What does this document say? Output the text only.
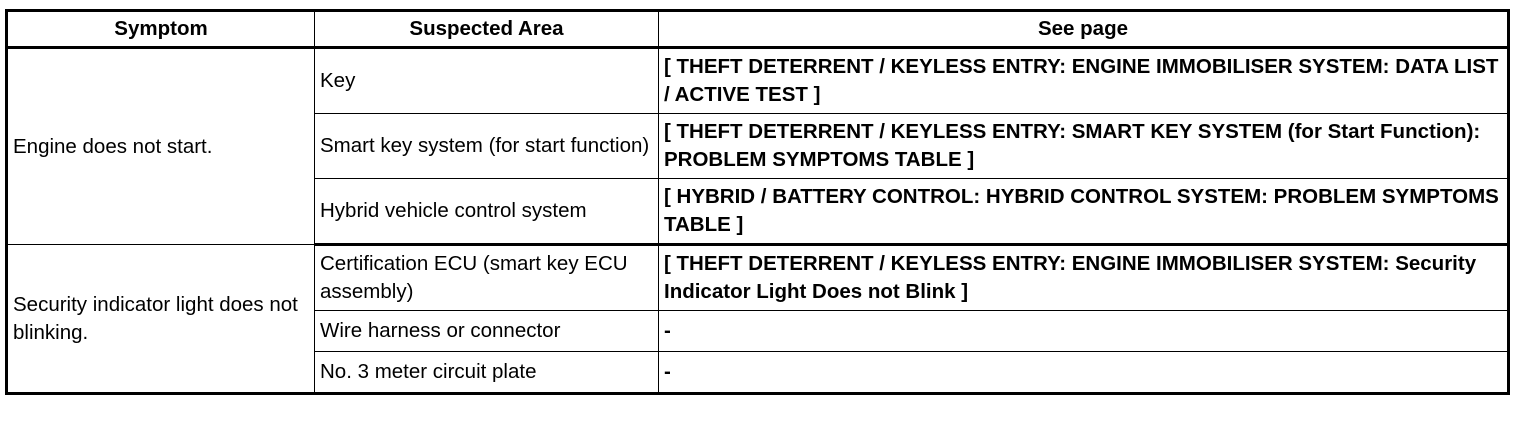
Symptom	Suspected Area	See page
Engine does not start.	Key	[ THEFT DETERRENT / KEYLESS ENTRY: ENGINE IMMOBILISER SYSTEM: DATA LIST / ACTIVE TEST ]
	Smart key system (for start function)	[ THEFT DETERRENT / KEYLESS ENTRY: SMART KEY SYSTEM (for Start Function): PROBLEM SYMPTOMS TABLE ]
	Hybrid vehicle control system	[ HYBRID / BATTERY CONTROL: HYBRID CONTROL SYSTEM: PROBLEM SYMPTOMS TABLE ]
Security indicator light does not blinking.	Certification ECU (smart key ECU assembly)	[ THEFT DETERRENT / KEYLESS ENTRY: ENGINE IMMOBILISER SYSTEM: Security Indicator Light Does not Blink ]
	Wire harness or connector	-
	No. 3 meter circuit plate	-
